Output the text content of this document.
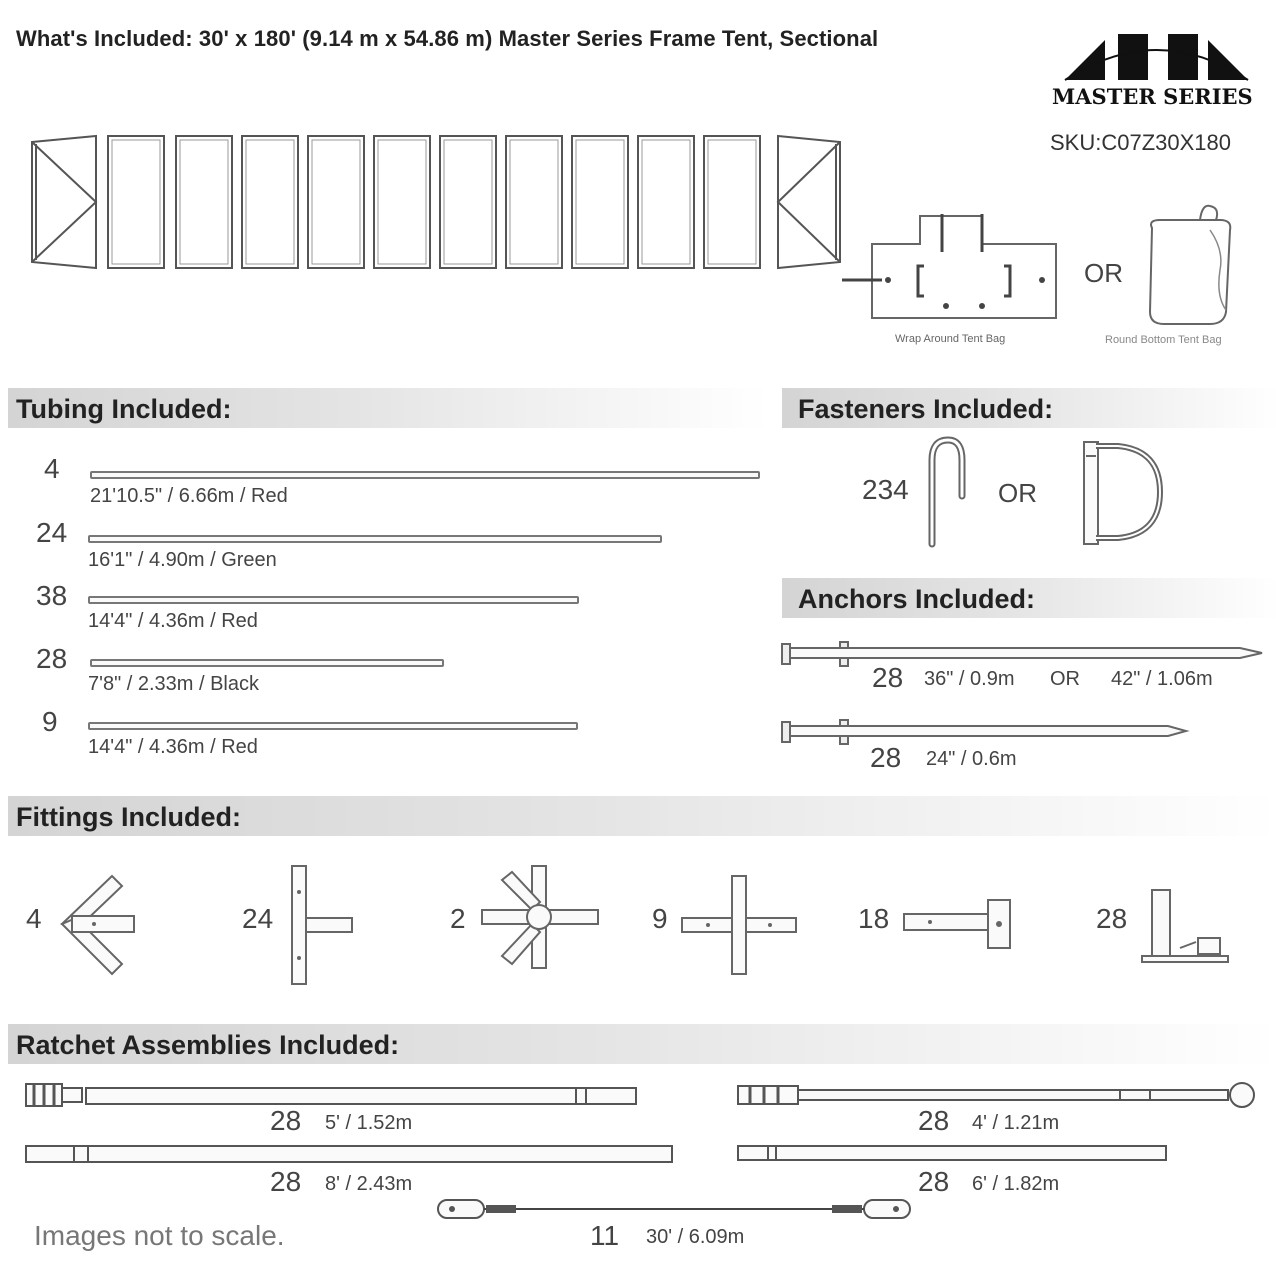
What's Included: 30' x 180' (9.14 m x 54.86 m) Master Series Frame Tent, Sectional
MASTER SERIES
SKU:C07Z30X180
Wrap Around Tent Bag
OR
Round Bottom Tent Bag
Tubing Included:
4
21'10.5" / 6.66m / Red
24
16'1" / 4.90m / Green
38
14'4" / 4.36m / Red
28
7'8" / 2.33m / Black
9
14'4" / 4.36m / Red
Fasteners Included:
234	OR
Anchors Included:
28 36" / 0.9m OR 42" / 1.06m
28 24" / 0.6m
Fittings Included:
4	24	2	9	18	28
Ratchet Assemblies Included:
28 5' / 1.52m	28 4' / 1.21m
28 8' / 2.43m	28 6' / 1.82m
11 30' / 6.09m
Images not to scale.
